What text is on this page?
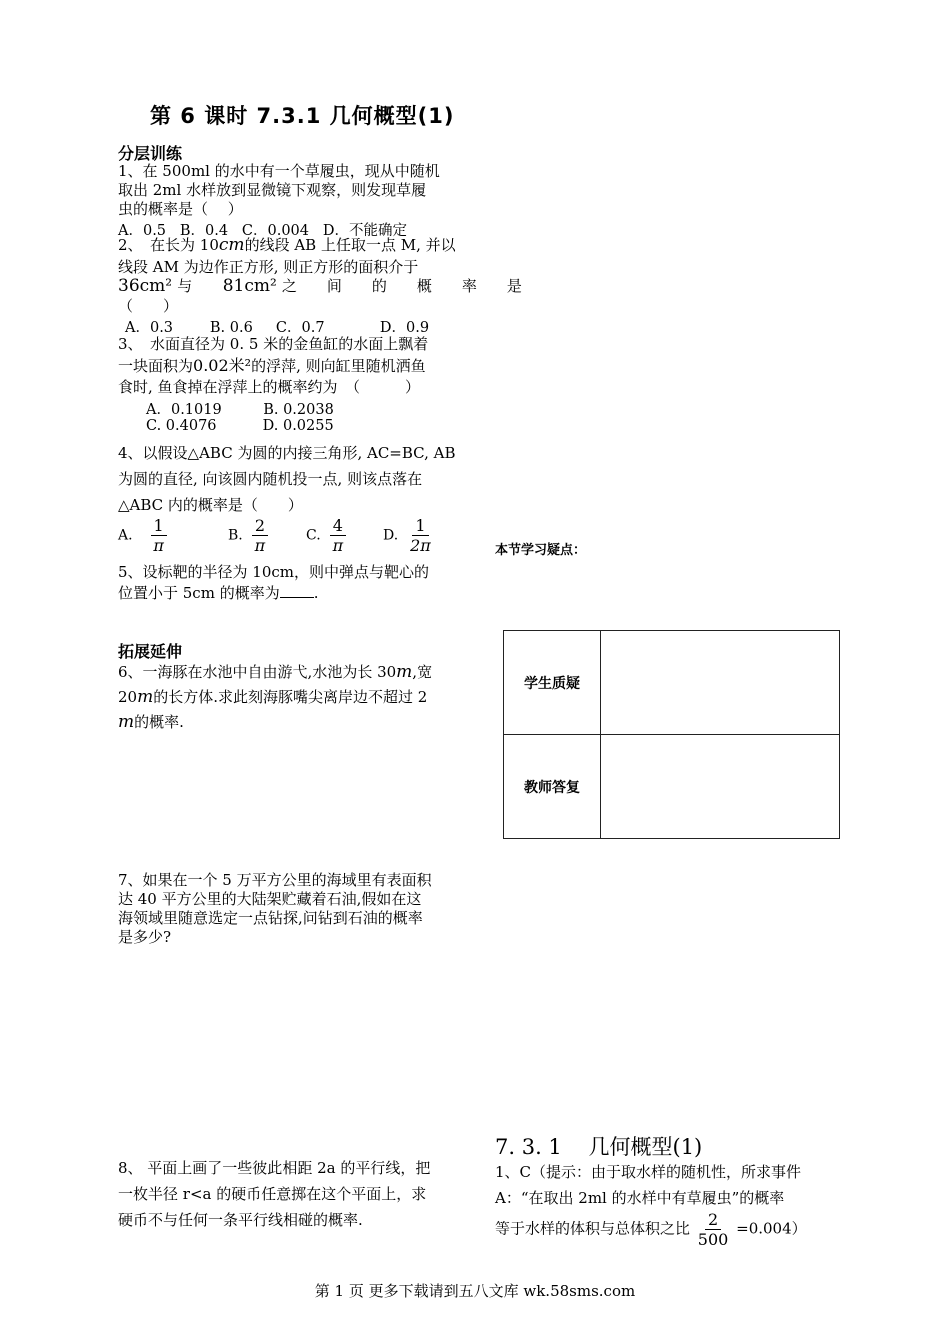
第 6 课时 7.3.1 几何概型(1)
分层训练
1、在 500ml 的水中有一个草履虫，现从中随机
取出 2ml 水样放到显微镜下观察，则发现草履
虫的概率是（　 ）
A．0.5 B．0.4 C．0.004 D．不能确定
2、　在长为 10cm的线段 AB 上任取一点 M, 并以
线段 AM 为边作正方形, 则正方形的面积介于
36cm² 与 81cm² 之　　间　　的　　概　　率　　是
（　　）
A．0.3	B. 0.6 C．0.7	D．0.9
3、　水面直径为 0. 5 米的金鱼缸的水面上飘着
一块面积为0.02米²的浮萍, 则向缸里随机洒鱼
食时, 鱼食掉在浮萍上的概率约为　（　　　）
A．0.1019	B. 0.2038
C. 0.4076	D. 0.0255
4、以假设△ABC 为圆的内接三角形, AC=BC, AB
为圆的直径, 向该圆内随机投一点, 则该点落在
△ABC 内的概率是（　　）
A. $\frac{1}{\pi}$	B. $\frac{2}{\pi}$	C. $\frac{4}{\pi}$	D. $\frac{1}{2\pi}$
5、设标靶的半径为 10cm，则中弹点与靶心的
位置小于 5cm 的概率为 .
拓展延伸
6、一海豚在水池中自由游弋,水池为长 30m,宽
20m的长方体.求此刻海豚嘴尖离岸边不超过 2
m的概率.
7、如果在一个 5 万平方公里的海域里有表面积
达 40 平方公里的大陆架贮藏着石油,假如在这
海领域里随意选定一点钻探,问钻到石油的概率
是多少?
8、 平面上画了一些彼此相距 2a 的平行线，把
一枚半径 r<a 的硬币任意掷在这个平面上，求
硬币不与任何一条平行线相碰的概率.
本节学习疑点：
学生质疑	
教师答复	
7. 3. 1 几何概型(1)
1、C（提示：由于取水样的随机性，所求事件
A：“在取出 2ml 的水样中有草履虫”的概率
等于水样的体积与总体积之比 $\frac{2}{500} =0.004$）
第 1 页 更多下载请到五八文库 wk.58sms.com
